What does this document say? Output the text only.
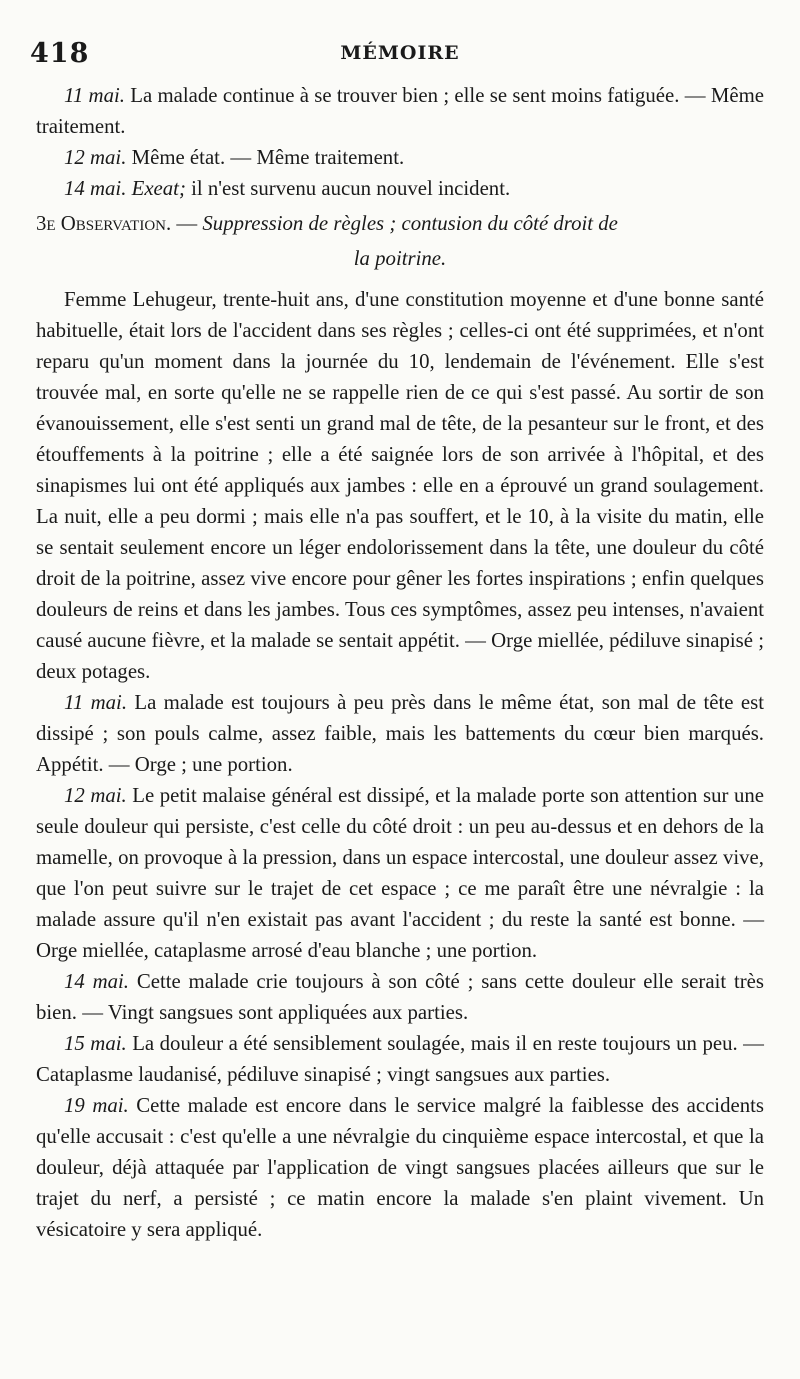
418	MÉMOIRE

11 mai. La malade continue à se trouver bien ; elle se sent moins fatiguée. — Même traitement.

12 mai. Même état. — Même traitement.

14 mai. Exeat; il n'est survenu aucun nouvel incident.

3e Observation. — Suppression de règles ; contusion du côté droit de

la poitrine.

Femme Lehugeur, trente-huit ans, d'une constitution moyenne et d'une bonne santé habituelle, était lors de l'accident dans ses règles ; celles-ci ont été supprimées, et n'ont reparu qu'un moment dans la journée du 10, lendemain de l'événement. Elle s'est trouvée mal, en sorte qu'elle ne se rappelle rien de ce qui s'est passé. Au sortir de son évanouissement, elle s'est senti un grand mal de tête, de la pesanteur sur le front, et des étouffements à la poitrine ; elle a été saignée lors de son arrivée à l'hôpital, et des sinapismes lui ont été appliqués aux jambes : elle en a éprouvé un grand soulagement. La nuit, elle a peu dormi ; mais elle n'a pas souffert, et le 10, à la visite du matin, elle se sentait seulement encore un léger endolorissement dans la tête, une douleur du côté droit de la poitrine, assez vive encore pour gêner les fortes inspirations ; enfin quelques douleurs de reins et dans les jambes. Tous ces symptômes, assez peu intenses, n'avaient causé aucune fièvre, et la malade se sentait appétit. — Orge miellée, pédiluve sinapisé ; deux potages.

11 mai. La malade est toujours à peu près dans le même état, son mal de tête est dissipé ; son pouls calme, assez faible, mais les battements du cœur bien marqués. Appétit. — Orge ; une portion.

12 mai. Le petit malaise général est dissipé, et la malade porte son attention sur une seule douleur qui persiste, c'est celle du côté droit : un peu au-dessus et en dehors de la mamelle, on provoque à la pression, dans un espace intercostal, une douleur assez vive, que l'on peut suivre sur le trajet de cet espace ; ce me paraît être une névralgie : la malade assure qu'il n'en existait pas avant l'accident ; du reste la santé est bonne. — Orge miellée, cataplasme arrosé d'eau blanche ; une portion.

14 mai. Cette malade crie toujours à son côté ; sans cette douleur elle serait très bien. — Vingt sangsues sont appliquées aux parties.

15 mai. La douleur a été sensiblement soulagée, mais il en reste toujours un peu. — Cataplasme laudanisé, pédiluve sinapisé ; vingt sangsues aux parties.

19 mai. Cette malade est encore dans le service malgré la faiblesse des accidents qu'elle accusait : c'est qu'elle a une névralgie du cinquième espace intercostal, et que la douleur, déjà attaquée par l'application de vingt sangsues placées ailleurs que sur le trajet du nerf, a persisté ; ce matin encore la malade s'en plaint vivement. Un vésicatoire y sera appliqué.
